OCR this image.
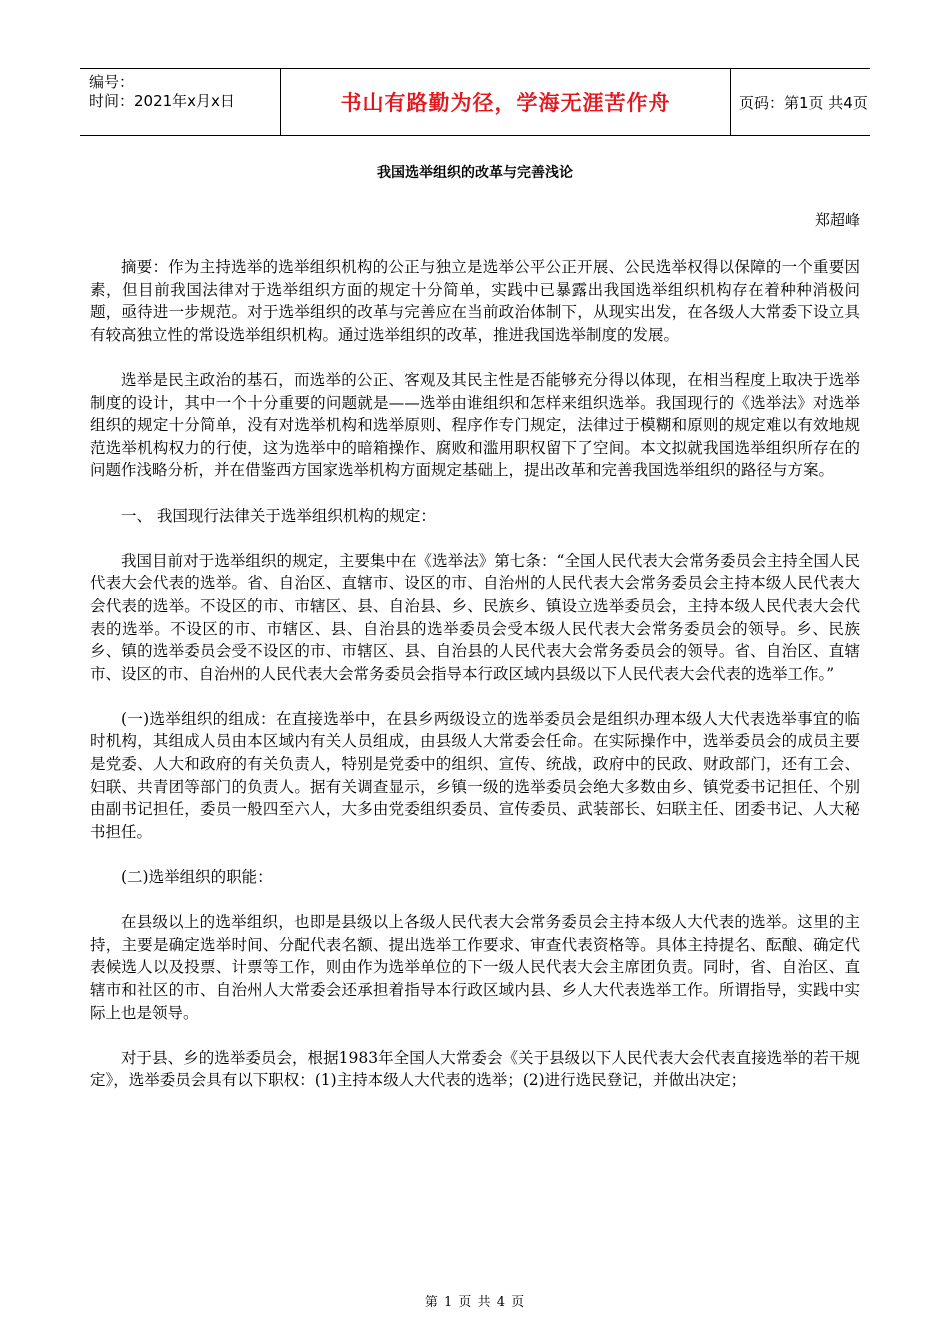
编号：
时间：2021年x月x日	书山有路勤为径，学海无涯苦作舟	页码：第1页 共4页
我国选举组织的改革与完善浅论
郑超峰

摘要：作为主持选举的选举组织机构的公正与独立是选举公平公正开展、公民选举权得以保障的一个重要因素，但目前我国法律对于选举组织方面的规定十分简单，实践中已暴露出我国选举组织机构存在着种种消极问题，亟待进一步规范。对于选举组织的改革与完善应在当前政治体制下，从现实出发，在各级人大常委下设立具有较高独立性的常设选举组织机构。通过选举组织的改革，推进我国选举制度的发展。

选举是民主政治的基石，而选举的公正、客观及其民主性是否能够充分得以体现，在相当程度上取决于选举制度的设计，其中一个十分重要的问题就是——选举由谁组织和怎样来组织选举。我国现行的《选举法》对选举组织的规定十分简单，没有对选举机构和选举原则、程序作专门规定，法律过于模糊和原则的规定难以有效地规范选举机构权力的行使，这为选举中的暗箱操作、腐败和滥用职权留下了空间。本文拟就我国选举组织所存在的问题作浅略分析，并在借鉴西方国家选举机构方面规定基础上，提出改革和完善我国选举组织的路径与方案。

一、 我国现行法律关于选举组织机构的规定：

我国目前对于选举组织的规定，主要集中在《选举法》第七条：“全国人民代表大会常务委员会主持全国人民代表大会代表的选举。省、自治区、直辖市、设区的市、自治州的人民代表大会常务委员会主持本级人民代表大会代表的选举。不设区的市、市辖区、县、自治县、乡、民族乡、镇设立选举委员会，主持本级人民代表大会代表的选举。不设区的市、市辖区、县、自治县的选举委员会受本级人民代表大会常务委员会的领导。乡、民族乡、镇的选举委员会受不设区的市、市辖区、县、自治县的人民代表大会常务委员会的领导。省、自治区、直辖市、设区的市、自治州的人民代表大会常务委员会指导本行政区域内县级以下人民代表大会代表的选举工作。”

(一)选举组织的组成：在直接选举中，在县乡两级设立的选举委员会是组织办理本级人大代表选举事宜的临时机构，其组成人员由本区域内有关人员组成，由县级人大常委会任命。在实际操作中，选举委员会的成员主要是党委、人大和政府的有关负责人，特别是党委中的组织、宣传、统战，政府中的民政、财政部门，还有工会、妇联、共青团等部门的负责人。据有关调查显示，乡镇一级的选举委员会绝大多数由乡、镇党委书记担任、个别由副书记担任，委员一般四至六人，大多由党委组织委员、宣传委员、武装部长、妇联主任、团委书记、人大秘书担任。

(二)选举组织的职能：

在县级以上的选举组织，也即是县级以上各级人民代表大会常务委员会主持本级人大代表的选举。这里的主持，主要是确定选举时间、分配代表名额、提出选举工作要求、审查代表资格等。具体主持提名、酝酿、确定代表候选人以及投票、计票等工作，则由作为选举单位的下一级人民代表大会主席团负责。同时，省、自治区、直辖市和社区的市、自治州人大常委会还承担着指导本行政区域内县、乡人大代表选举工作。所谓指导，实践中实际上也是领导。

对于县、乡的选举委员会，根据1983年全国人大常委会《关于县级以下人民代表大会代表直接选举的若干规定》，选举委员会具有以下职权：(1)主持本级人大代表的选举；(2)进行选民登记，并做出决定；

第 1 页 共 4 页
